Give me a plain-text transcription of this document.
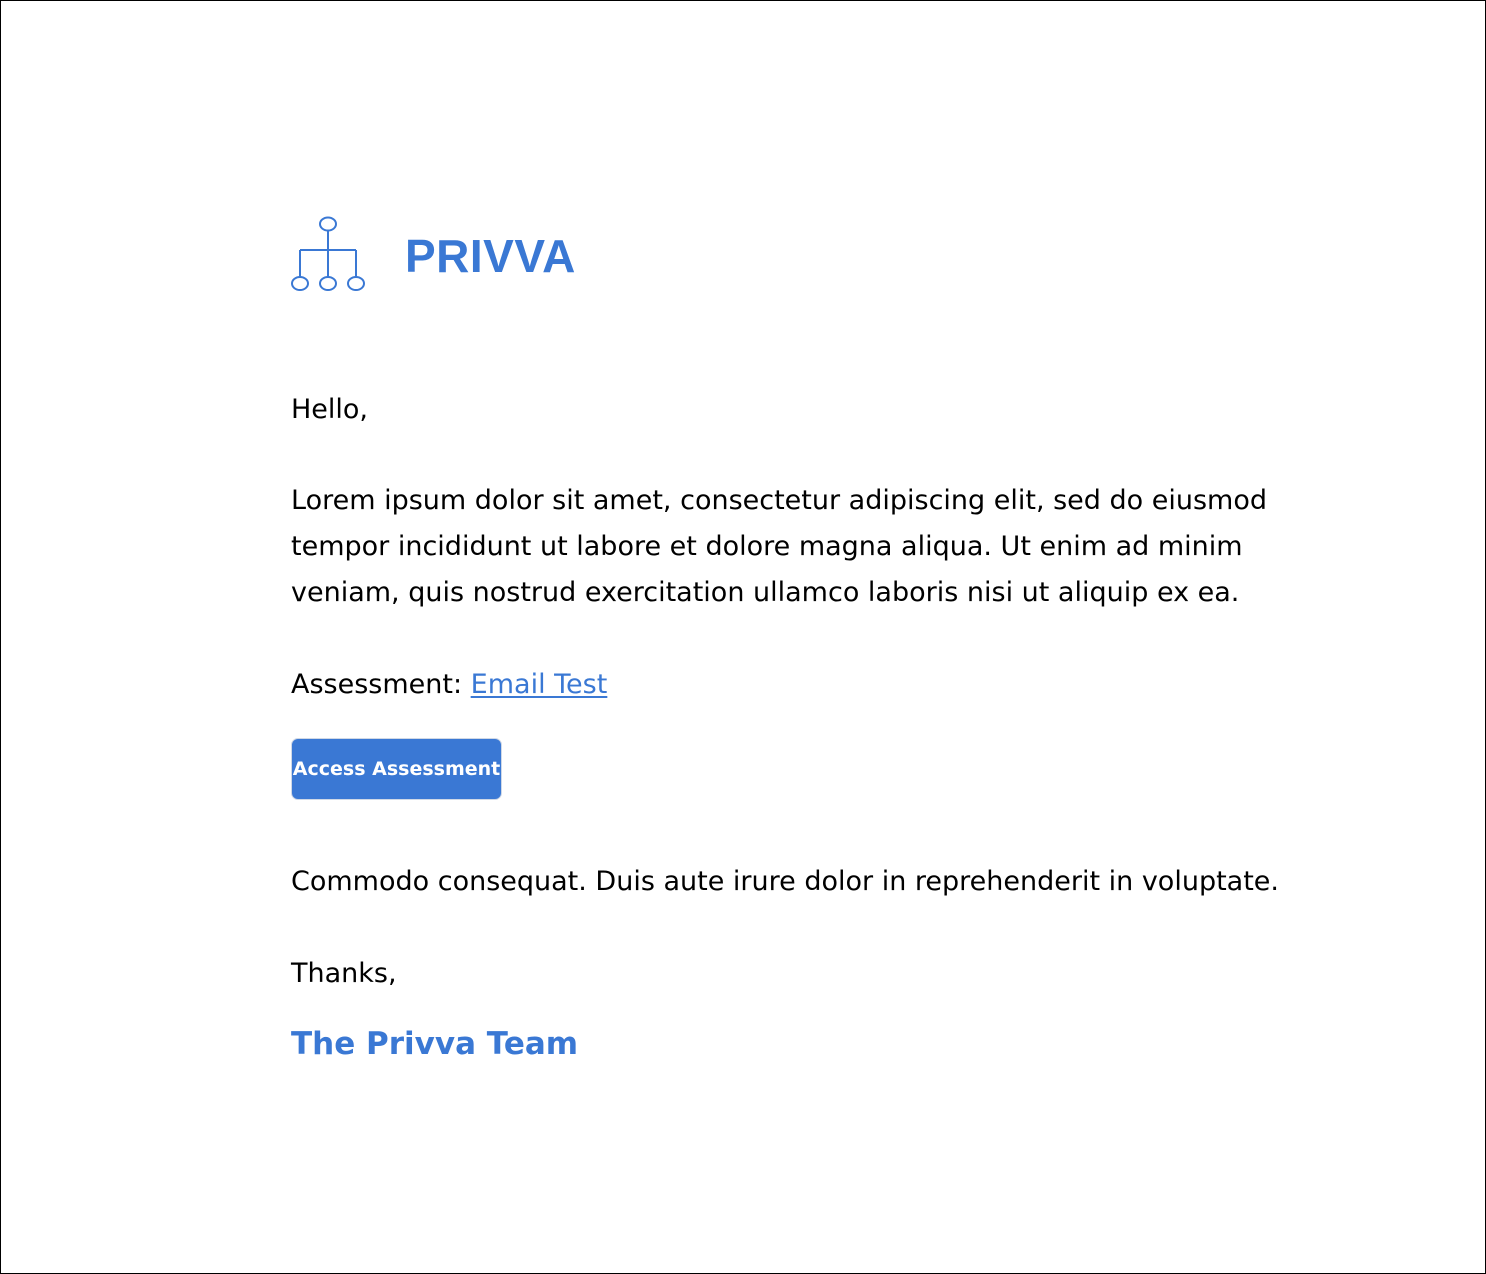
PRIVVA
Hello,
Lorem ipsum dolor sit amet, consectetur adipiscing elit, sed do eiusmod
tempor incididunt ut labore et dolore magna aliqua. Ut enim ad minim
veniam, quis nostrud exercitation ullamco laboris nisi ut aliquip ex ea.
Assessment: Email Test
Access Assessment
Commodo consequat. Duis aute irure dolor in reprehenderit in voluptate.
Thanks,
The Privva Team
